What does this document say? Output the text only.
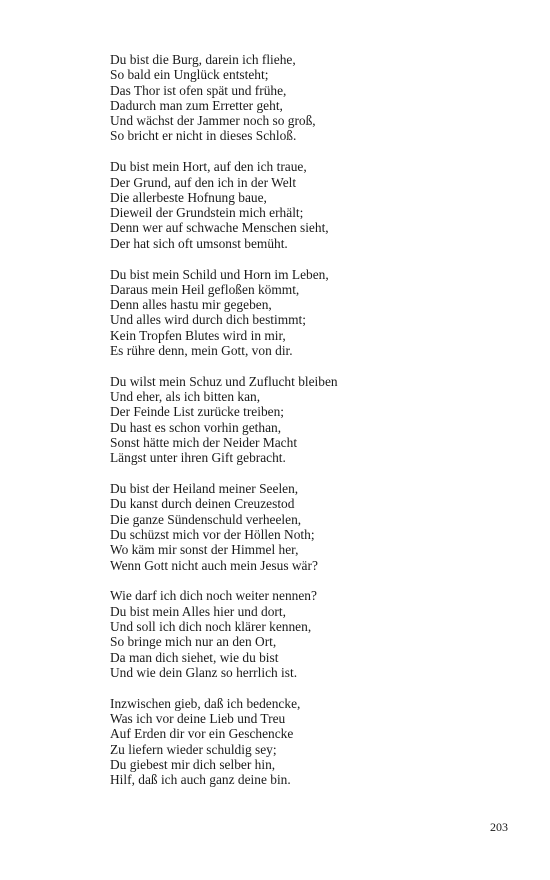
Du bist die Burg, darein ich fliehe,
So bald ein Unglück entsteht;
Das Thor ist ofen spät und frühe,
Dadurch man zum Erretter geht,
Und wächst der Jammer noch so groß,
So bricht er nicht in dieses Schloß.
Du bist mein Hort, auf den ich traue,
Der Grund, auf den ich in der Welt
Die allerbeste Hofnung baue,
Dieweil der Grundstein mich erhält;
Denn wer auf schwache Menschen sieht,
Der hat sich oft umsonst bemüht.
Du bist mein Schild und Horn im Leben,
Daraus mein Heil gefloßen kömmt,
Denn alles hastu mir gegeben,
Und alles wird durch dich bestimmt;
Kein Tropfen Blutes wird in mir,
Es rühre denn, mein Gott, von dir.
Du wilst mein Schuz und Zuflucht bleiben
Und eher, als ich bitten kan,
Der Feinde List zurücke treiben;
Du hast es schon vorhin gethan,
Sonst hätte mich der Neider Macht
Längst unter ihren Gift gebracht.
Du bist der Heiland meiner Seelen,
Du kanst durch deinen Creuzestod
Die ganze Sündenschuld verheelen,
Du schüzst mich vor der Höllen Noth;
Wo käm mir sonst der Himmel her,
Wenn Gott nicht auch mein Jesus wär?
Wie darf ich dich noch weiter nennen?
Du bist mein Alles hier und dort,
Und soll ich dich noch klärer kennen,
So bringe mich nur an den Ort,
Da man dich siehet, wie du bist
Und wie dein Glanz so herrlich ist.
Inzwischen gieb, daß ich bedencke,
Was ich vor deine Lieb und Treu
Auf Erden dir vor ein Geschencke
Zu liefern wieder schuldig sey;
Du giebest mir dich selber hin,
Hilf, daß ich auch ganz deine bin.
203
